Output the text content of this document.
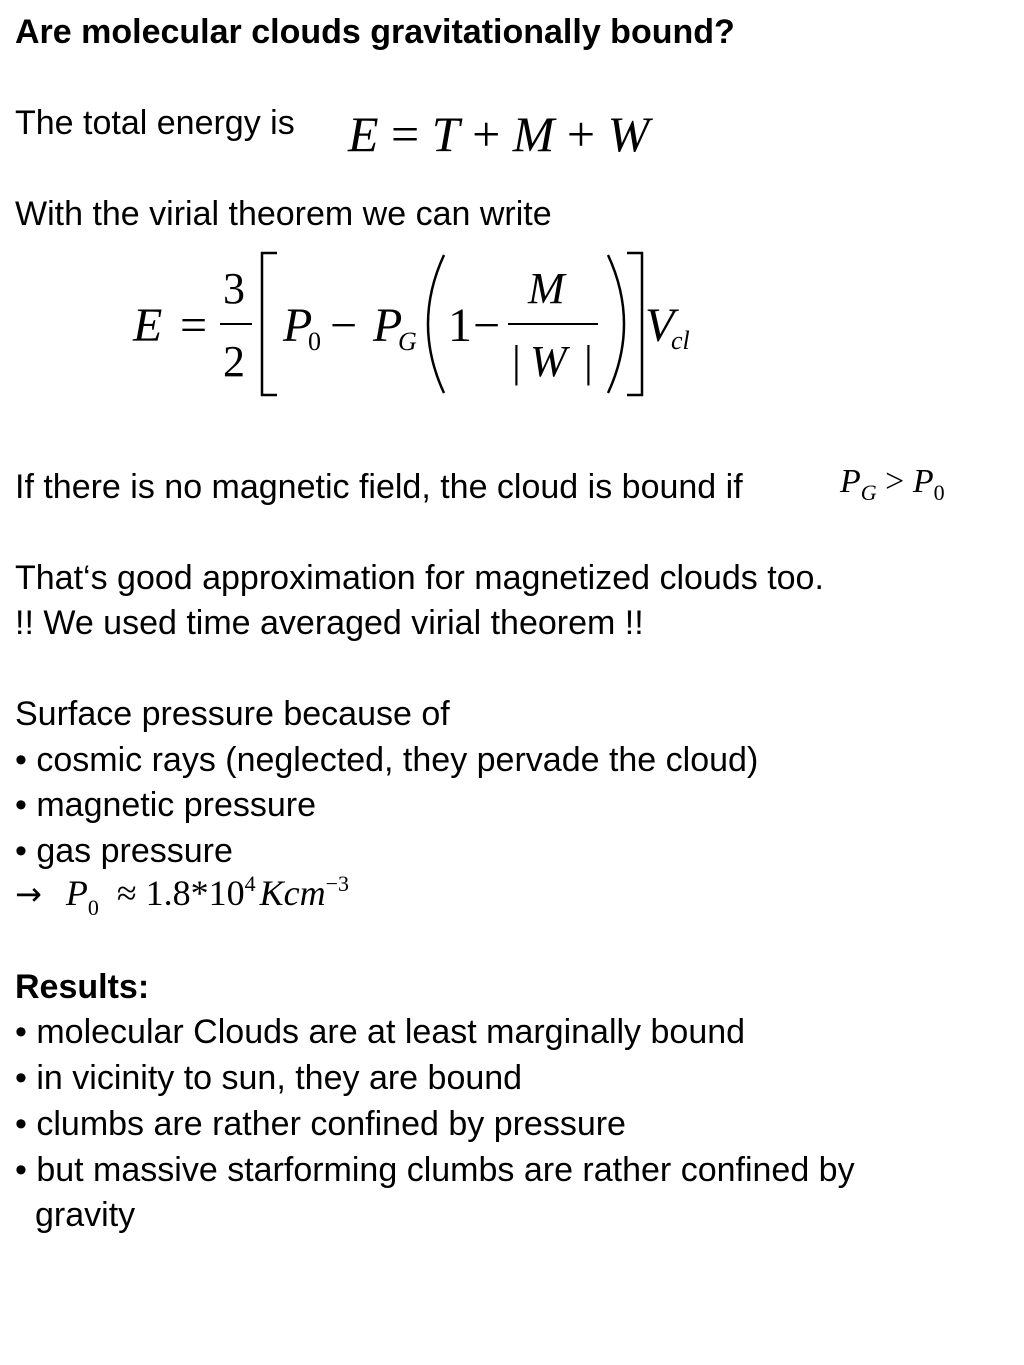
Are molecular clouds gravitationally bound?
The total energy is E = T + M + W
With the virial theorem we can write
E =
3
2
P
0 − P
G 1 −
M
| W |
V
cl
If there is no magnetic field, the cloud is bound if	$P_G > P_0$
That‘s good approximation for magnetized clouds too.
!! We used time averaged virial theorem !!
Surface pressure because of
• cosmic rays (neglected, they pervade the cloud)
• magnetic pressure
• gas pressure
→ $P_0 \approx 1.8*10^4$ Kcm$^{-3}$
Results:
• molecular Clouds are at least marginally bound
• in vicinity to sun, they are bound
• clumbs are rather confined by pressure
• but massive starforming clumbs are rather confined by
gravity
